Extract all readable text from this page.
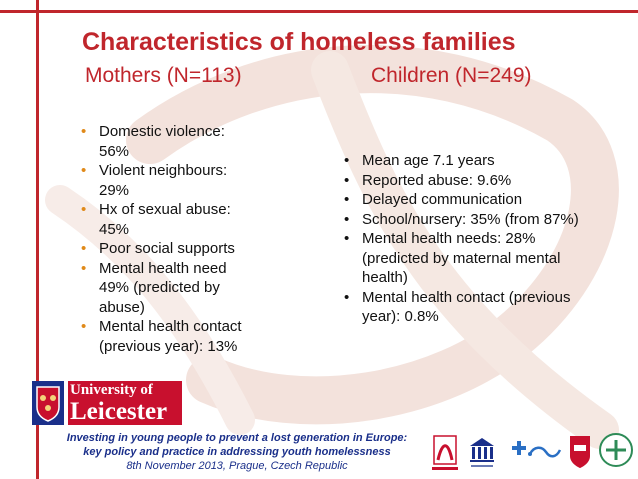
Characteristics of homeless families
Mothers (N=113)	Children (N=249)
• Domestic violence:
56%
• Violent neighbours:
29%
• Hx of sexual abuse:
45%
• Poor social supports
• Mental health need
49% (predicted by
abuse)
• Mental health contact
(previous year): 13%
• Mean age 7.1 years
• Reported abuse: 9.6%
• Delayed communication
• School/nursery: 35% (from 87%)
• Mental health needs: 28%
(predicted by maternal mental
health)
• Mental health contact (previous
year): 0.8%
University of
Leicester
Investing in young people to prevent a lost generation in Europe:
key policy and practice in addressing youth homelessness
8th November 2013, Prague, Czech Republic
